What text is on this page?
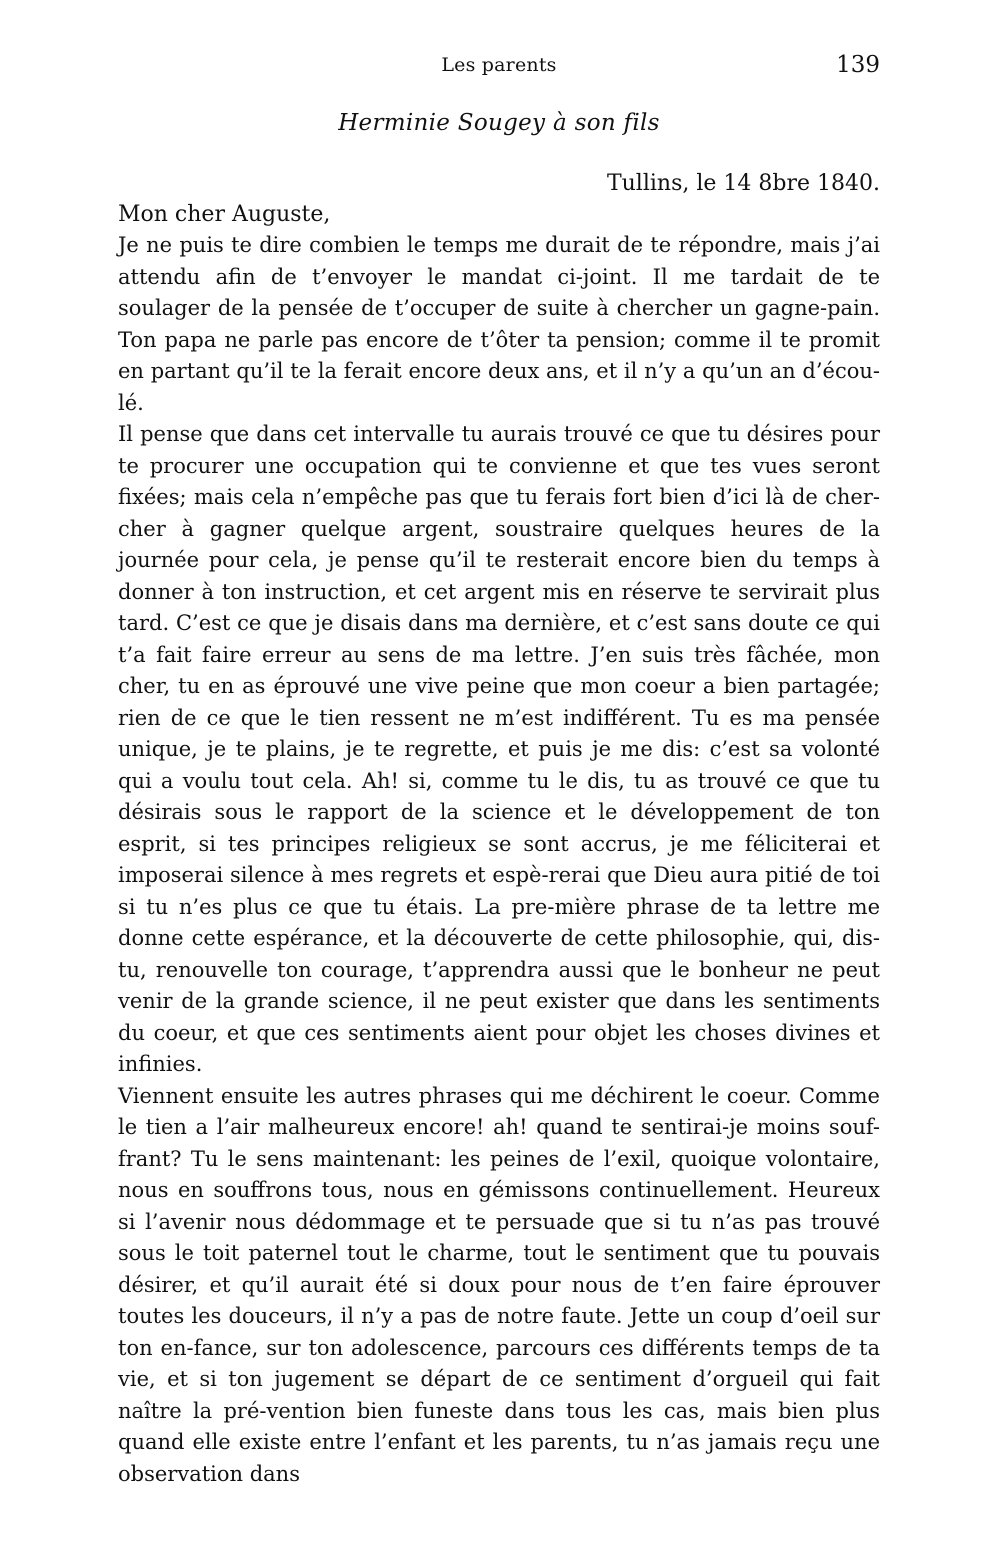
Les parents	139
Herminie Sougey à son fils
Tullins, le 14 8bre 1840.
Mon cher Auguste,

Je ne puis te dire combien le temps me durait de te répondre, mais j’ai attendu afin de t’envoyer le mandat ci-joint. Il me tardait de te soulager de la pensée de t’occuper de suite à chercher un gagne-pain. Ton papa ne parle pas encore de t’ôter ta pension; comme il te promit en partant qu’il te la ferait encore deux ans, et il n’y a qu’un an d’écou-lé.

Il pense que dans cet intervalle tu aurais trouvé ce que tu désires pour te procurer une occupation qui te convienne et que tes vues seront fixées; mais cela n’empêche pas que tu ferais fort bien d’ici là de cher-cher à gagner quelque argent, soustraire quelques heures de la journée pour cela, je pense qu’il te resterait encore bien du temps à donner à ton instruction, et cet argent mis en réserve te servirait plus tard. C’est ce que je disais dans ma dernière, et c’est sans doute ce qui t’a fait faire erreur au sens de ma lettre. J’en suis très fâchée, mon cher, tu en as éprouvé une vive peine que mon coeur a bien partagée; rien de ce que le tien ressent ne m’est indifférent. Tu es ma pensée unique, je te plains, je te regrette, et puis je me dis: c’est sa volonté qui a voulu tout cela. Ah! si, comme tu le dis, tu as trouvé ce que tu désirais sous le rapport de la science et le développement de ton esprit, si tes principes religieux se sont accrus, je me féliciterai et imposerai silence à mes regrets et espè-rerai que Dieu aura pitié de toi si tu n’es plus ce que tu étais. La pre-mière phrase de ta lettre me donne cette espérance, et la découverte de cette philosophie, qui, dis-tu, renouvelle ton courage, t’apprendra aussi que le bonheur ne peut venir de la grande science, il ne peut exister que dans les sentiments du coeur, et que ces sentiments aient pour objet les choses divines et infinies.

Viennent ensuite les autres phrases qui me déchirent le coeur. Comme le tien a l’air malheureux encore! ah! quand te sentirai-je moins souf-frant? Tu le sens maintenant: les peines de l’exil, quoique volontaire, nous en souffrons tous, nous en gémissons continuellement. Heureux si l’avenir nous dédommage et te persuade que si tu n’as pas trouvé sous le toit paternel tout le charme, tout le sentiment que tu pouvais désirer, et qu’il aurait été si doux pour nous de t’en faire éprouver toutes les douceurs, il n’y a pas de notre faute. Jette un coup d’oeil sur ton en-fance, sur ton adolescence, parcours ces différents temps de ta vie, et si ton jugement se départ de ce sentiment d’orgueil qui fait naître la pré-vention bien funeste dans tous les cas, mais bien plus quand elle existe entre l’enfant et les parents, tu n’as jamais reçu une observation dans
